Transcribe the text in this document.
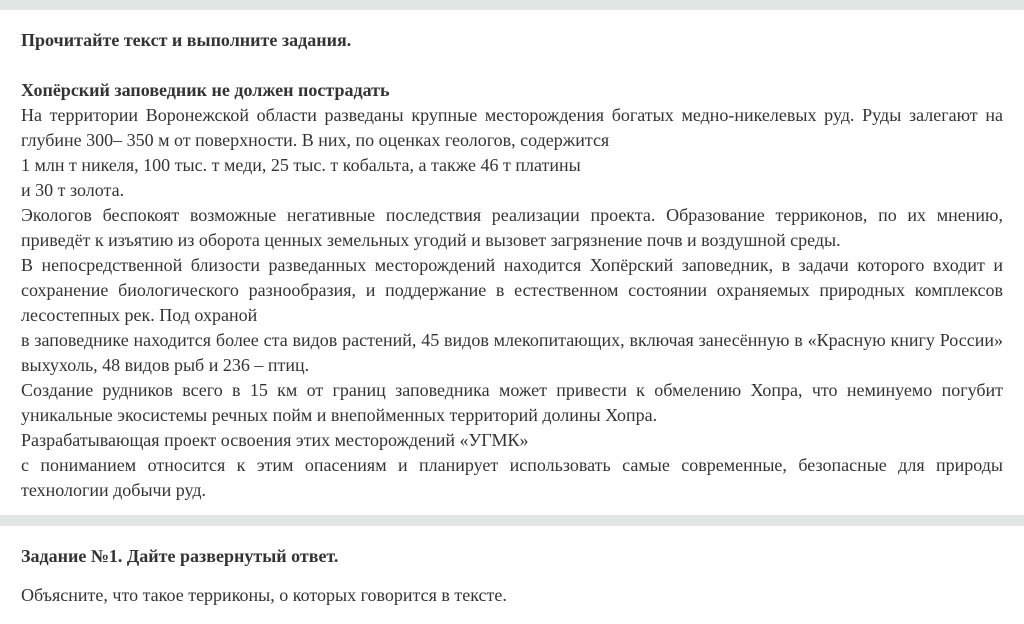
Прочитайте текст и выполните задания.

Хопёрский заповедник не должен пострадать

На территории Воронежской области разведаны крупные месторождения богатых медно-никелевых руд. Руды залегают на глубине 300– 350 м от поверхности. В них, по оценках геологов, содержится

1 млн т никеля, 100 тыс. т меди, 25 тыс. т кобальта, а также 46 т платины

и 30 т золота.

Экологов беспокоят возможные негативные последствия реализации проекта. Образование терриконов, по их мнению, приведёт к изъятию из оборота ценных земельных угодий и вызовет загрязнение почв и воздушной среды.

В непосредственной близости разведанных месторождений находится Хопёрский заповедник, в задачи которого входит и сохранение биологического разнообразия, и поддержание в естественном состоянии охраняемых природных комплексов лесостепных рек. Под охраной

в заповеднике находится более ста видов растений, 45 видов млекопитающих, включая занесённую в «Красную книгу России» выхухоль, 48 видов рыб и 236 – птиц.

Создание рудников всего в 15 км от границ заповедника может привести к обмелению Хопра, что неминуемо погубит уникальные экосистемы речных пойм и внепойменных территорий долины Хопра.

Разрабатывающая проект освоения этих месторождений «УГМК»

с пониманием относится к этим опасениям и планирует использовать самые современные, безопасные для природы технологии добычи руд.

Задание №1. Дайте развернутый ответ.

Объясните, что такое терриконы, о которых говорится в тексте.
